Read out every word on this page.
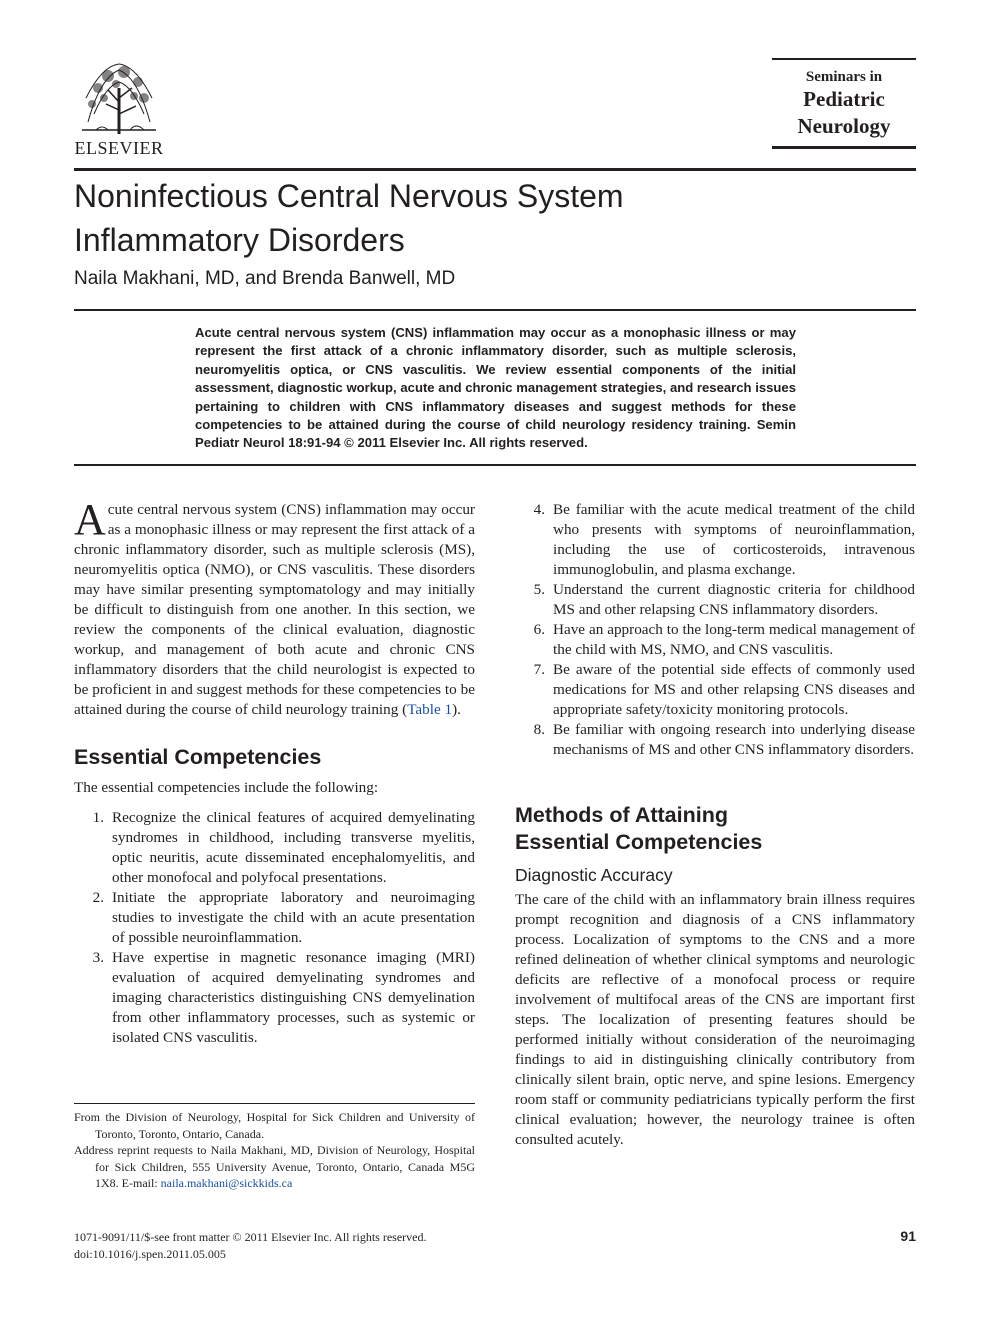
ELSEVIER
Seminars in
Pediatric
Neurology
Noninfectious Central Nervous System Inflammatory Disorders
Naila Makhani, MD, and Brenda Banwell, MD
Acute central nervous system (CNS) inflammation may occur as a monophasic illness or may represent the first attack of a chronic inflammatory disorder, such as multiple sclerosis, neuromyelitis optica, or CNS vasculitis. We review essential components of the initial assessment, diagnostic workup, acute and chronic management strategies, and research issues pertaining to children with CNS inflammatory diseases and suggest methods for these competencies to be attained during the course of child neurology residency training. Semin Pediatr Neurol 18:91-94 © 2011 Elsevier Inc. All rights reserved.

Acute central nervous system (CNS) inflammation may occur as a monophasic illness or may represent the first attack of a chronic inflammatory disorder, such as multiple sclerosis (MS), neuromyelitis optica (NMO), or CNS vasculitis. These disorders may have similar presenting symptomatology and may initially be difficult to distinguish from one another. In this section, we review the components of the clinical evaluation, diagnostic workup, and management of both acute and chronic CNS inflammatory disorders that the child neurologist is expected to be proficient in and suggest methods for these competencies to be attained during the course of child neurology training (Table 1).

Essential Competencies

The essential competencies include the following:

1. Recognize the clinical features of acquired demyelinating syndromes in childhood, including transverse myelitis, optic neuritis, acute disseminated encephalomyelitis, and other monofocal and polyfocal presentations.
2. Initiate the appropriate laboratory and neuroimaging studies to investigate the child with an acute presentation of possible neuroinflammation.
3. Have expertise in magnetic resonance imaging (MRI) evaluation of acquired demyelinating syndromes and imaging characteristics distinguishing CNS demyelination from other inflammatory processes, such as systemic or isolated CNS vasculitis.
4. Be familiar with the acute medical treatment of the child who presents with symptoms of neuroinflammation, including the use of corticosteroids, intravenous immunoglobulin, and plasma exchange.
5. Understand the current diagnostic criteria for childhood MS and other relapsing CNS inflammatory disorders.
6. Have an approach to the long-term medical management of the child with MS, NMO, and CNS vasculitis.
7. Be aware of the potential side effects of commonly used medications for MS and other relapsing CNS diseases and appropriate safety/toxicity monitoring protocols.
8. Be familiar with ongoing research into underlying disease mechanisms of MS and other CNS inflammatory disorders.
Methods of Attaining
Essential Competencies
Diagnostic Accuracy

The care of the child with an inflammatory brain illness requires prompt recognition and diagnosis of a CNS inflammatory process. Localization of symptoms to the CNS and a more refined delineation of whether clinical symptoms and neurologic deficits are reflective of a monofocal process or require involvement of multifocal areas of the CNS are important first steps. The localization of presenting features should be performed initially without consideration of the neuroimaging findings to aid in distinguishing clinically contributory from clinically silent brain, optic nerve, and spine lesions. Emergency room staff or community pediatricians typically perform the first clinical evaluation; however, the neurology trainee is often consulted acutely.

From the Division of Neurology, Hospital for Sick Children and University of Toronto, Toronto, Ontario, Canada.

Address reprint requests to Naila Makhani, MD, Division of Neurology, Hospital for Sick Children, 555 University Avenue, Toronto, Ontario, Canada M5G 1X8. E-mail: naila.makhani@sickkids.ca

1071-9091/11/$-see front matter © 2011 Elsevier Inc. All rights reserved.
doi:10.1016/j.spen.2011.05.005
91
